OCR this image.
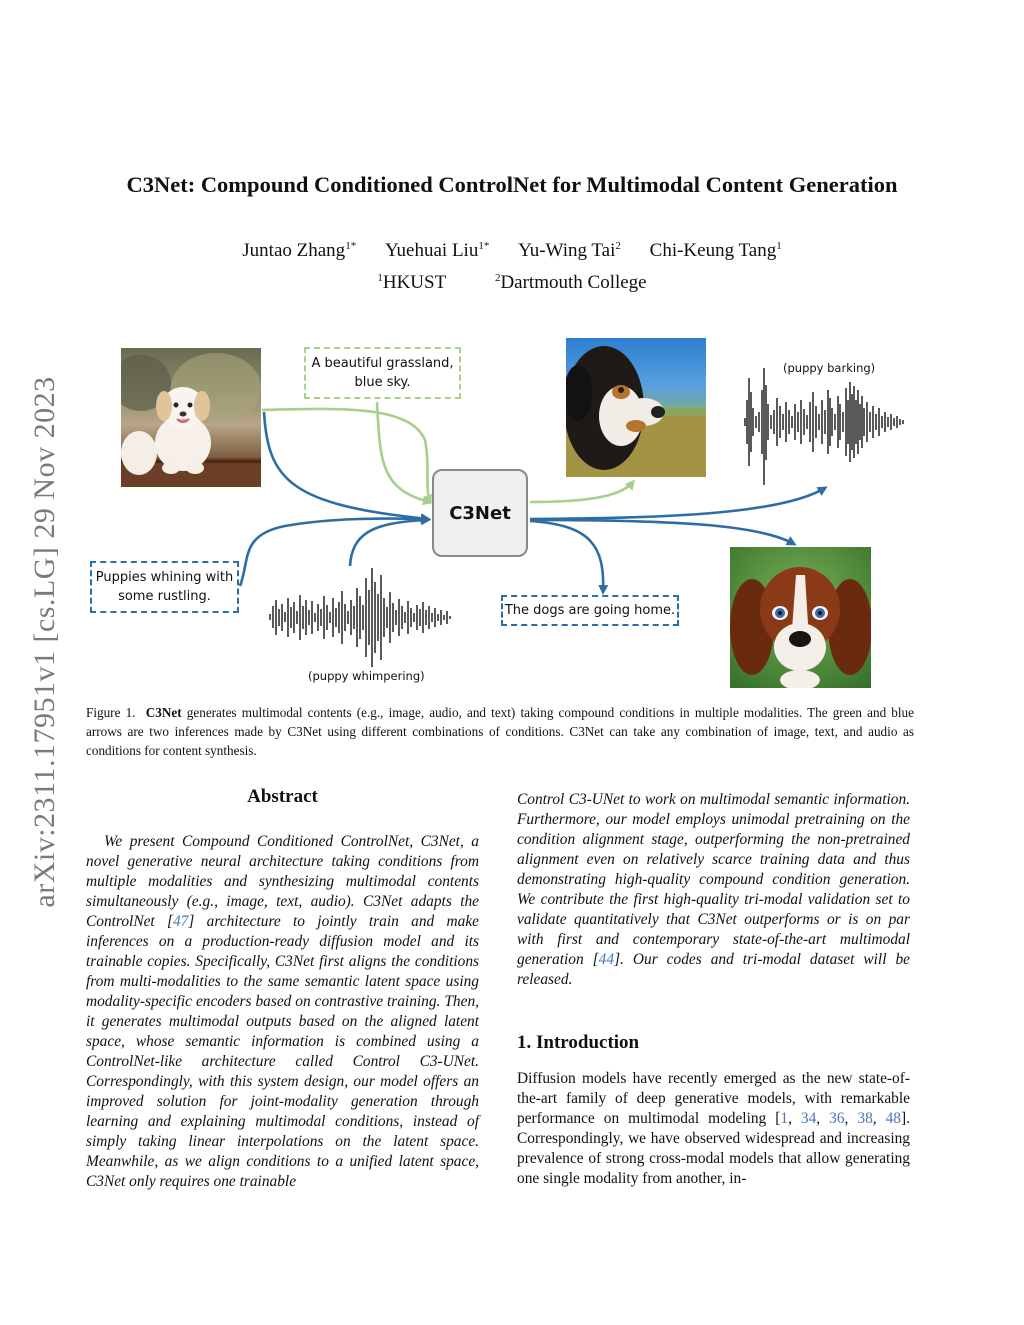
arXiv:2311.17951v1 [cs.LG] 29 Nov 2023
C3Net: Compound Conditioned ControlNet for Multimodal Content Generation
Juntao Zhang$^{1*}$ Yuehuai Liu$^{1*}$ Yu-Wing Tai$^2$ Chi-Keung Tang$^1$
$^1$HKUST	$^2$Dartmouth College
A beautiful grassland, blue sky.
(puppy barking)
C3Net
Puppies whining with some rustling.
(puppy whimpering)
The dogs are going home.
Figure 1. C3Net generates multimodal contents (e.g., image, audio, and text) taking compound conditions in multiple modalities. The green and blue arrows are two inferences made by C3Net using different combinations of conditions. C3Net can take any combination of image, text, and audio as conditions for content synthesis.
Abstract

We present Compound Conditioned ControlNet, C3Net, a novel generative neural architecture taking conditions from multiple modalities and synthesizing multimodal contents simultaneously (e.g., image, text, audio). C3Net adapts the ControlNet [47] architecture to jointly train and make inferences on a production-ready diffusion model and its trainable copies. Specifically, C3Net first aligns the conditions from multi-modalities to the same semantic latent space using modality-specific encoders based on contrastive training. Then, it generates multimodal outputs based on the aligned latent space, whose semantic information is combined using a ControlNet-like architecture called Control C3-UNet. Correspondingly, with this system design, our model offers an improved solution for joint-modality generation through learning and explaining multimodal conditions, instead of simply taking linear interpolations on the latent space. Meanwhile, as we align conditions to a unified latent space, C3Net only requires one trainable

Control C3-UNet to work on multimodal semantic information. Furthermore, our model employs unimodal pretraining on the condition alignment stage, outperforming the non-pretrained alignment even on relatively scarce training data and thus demonstrating high-quality compound condition generation. We contribute the first high-quality tri-modal validation set to validate quantitatively that C3Net outperforms or is on par with first and contemporary state-of-the-art multimodal generation [44]. Our codes and tri-modal dataset will be released.

1. Introduction

Diffusion models have recently emerged as the new state-of-the-art family of deep generative models, with remarkable performance on multimodal modeling [1, 34, 36, 38, 48]. Correspondingly, we have observed widespread and increasing prevalence of strong cross-modal models that allow generating one single modality from another, in-
